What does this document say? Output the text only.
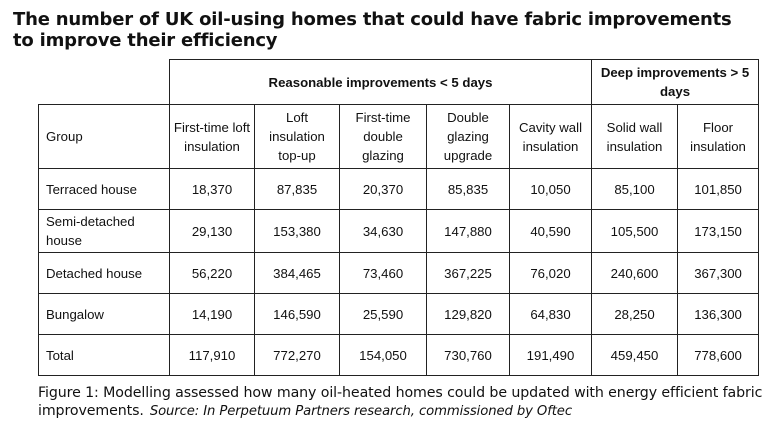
The number of UK oil-using homes that could have fabric improvements to improve their efficiency
	Reasonable improvements < 5 days					Deep improvements > 5 days	
Group	First-time loft insulation	Loft insulation top-up	First-time double glazing	Double glazing upgrade	Cavity wall insulation	Solid wall insulation	Floor insulation
Terraced house	18,370	87,835	20,370	85,835	10,050	85,100	101,850
Semi-detached house	29,130	153,380	34,630	147,880	40,590	105,500	173,150
Detached house	56,220	384,465	73,460	367,225	76,020	240,600	367,300
Bungalow	14,190	146,590	25,590	129,820	64,830	28,250	136,300
Total	117,910	772,270	154,050	730,760	191,490	459,450	778,600
Figure 1: Modelling assessed how many oil-heated homes could be updated with energy efficient fabric improvements. Source: In Perpetuum Partners research, commissioned by Oftec
